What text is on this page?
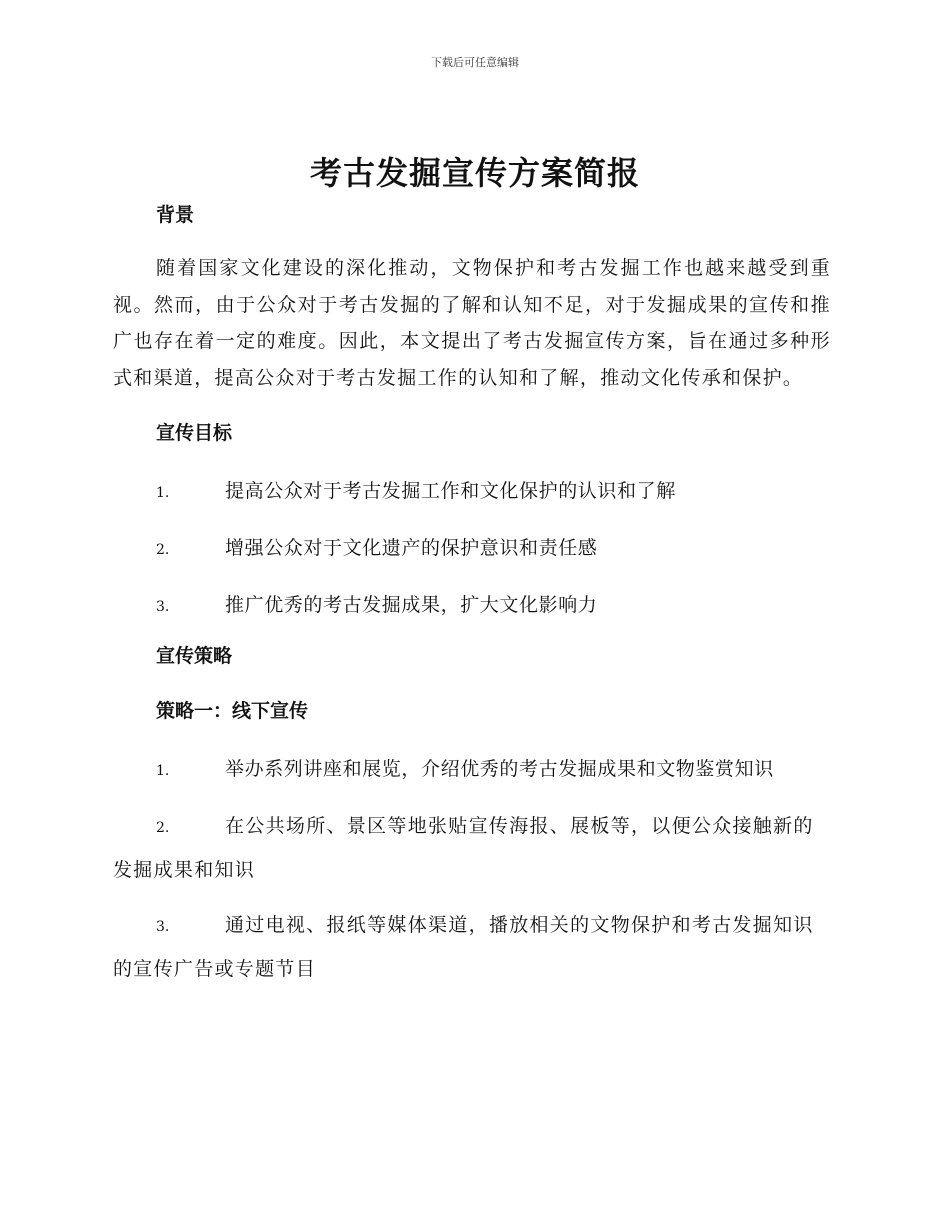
下载后可任意编辑
考古发掘宣传方案简报
背景

随着国家文化建设的深化推动，文物保护和考古发掘工作也越来越受到重视。然而，由于公众对于考古发掘的了解和认知不足，对于发掘成果的宣传和推广也存在着一定的难度。因此，本文提出了考古发掘宣传方案，旨在通过多种形式和渠道，提高公众对于考古发掘工作的认知和了解，推动文化传承和保护。

宣传目标

1.	提高公众对于考古发掘工作和文化保护的认识和了解

2.	增强公众对于文化遗产的保护意识和责任感

3.	推广优秀的考古发掘成果，扩大文化影响力

宣传策略
策略一：线下宣传

1.	举办系列讲座和展览，介绍优秀的考古发掘成果和文物鉴赏知识

2.	在公共场所、景区等地张贴宣传海报、展板等，以便公众接触新的发掘成果和知识

3.	通过电视、报纸等媒体渠道，播放相关的文物保护和考古发掘知识的宣传广告或专题节目
